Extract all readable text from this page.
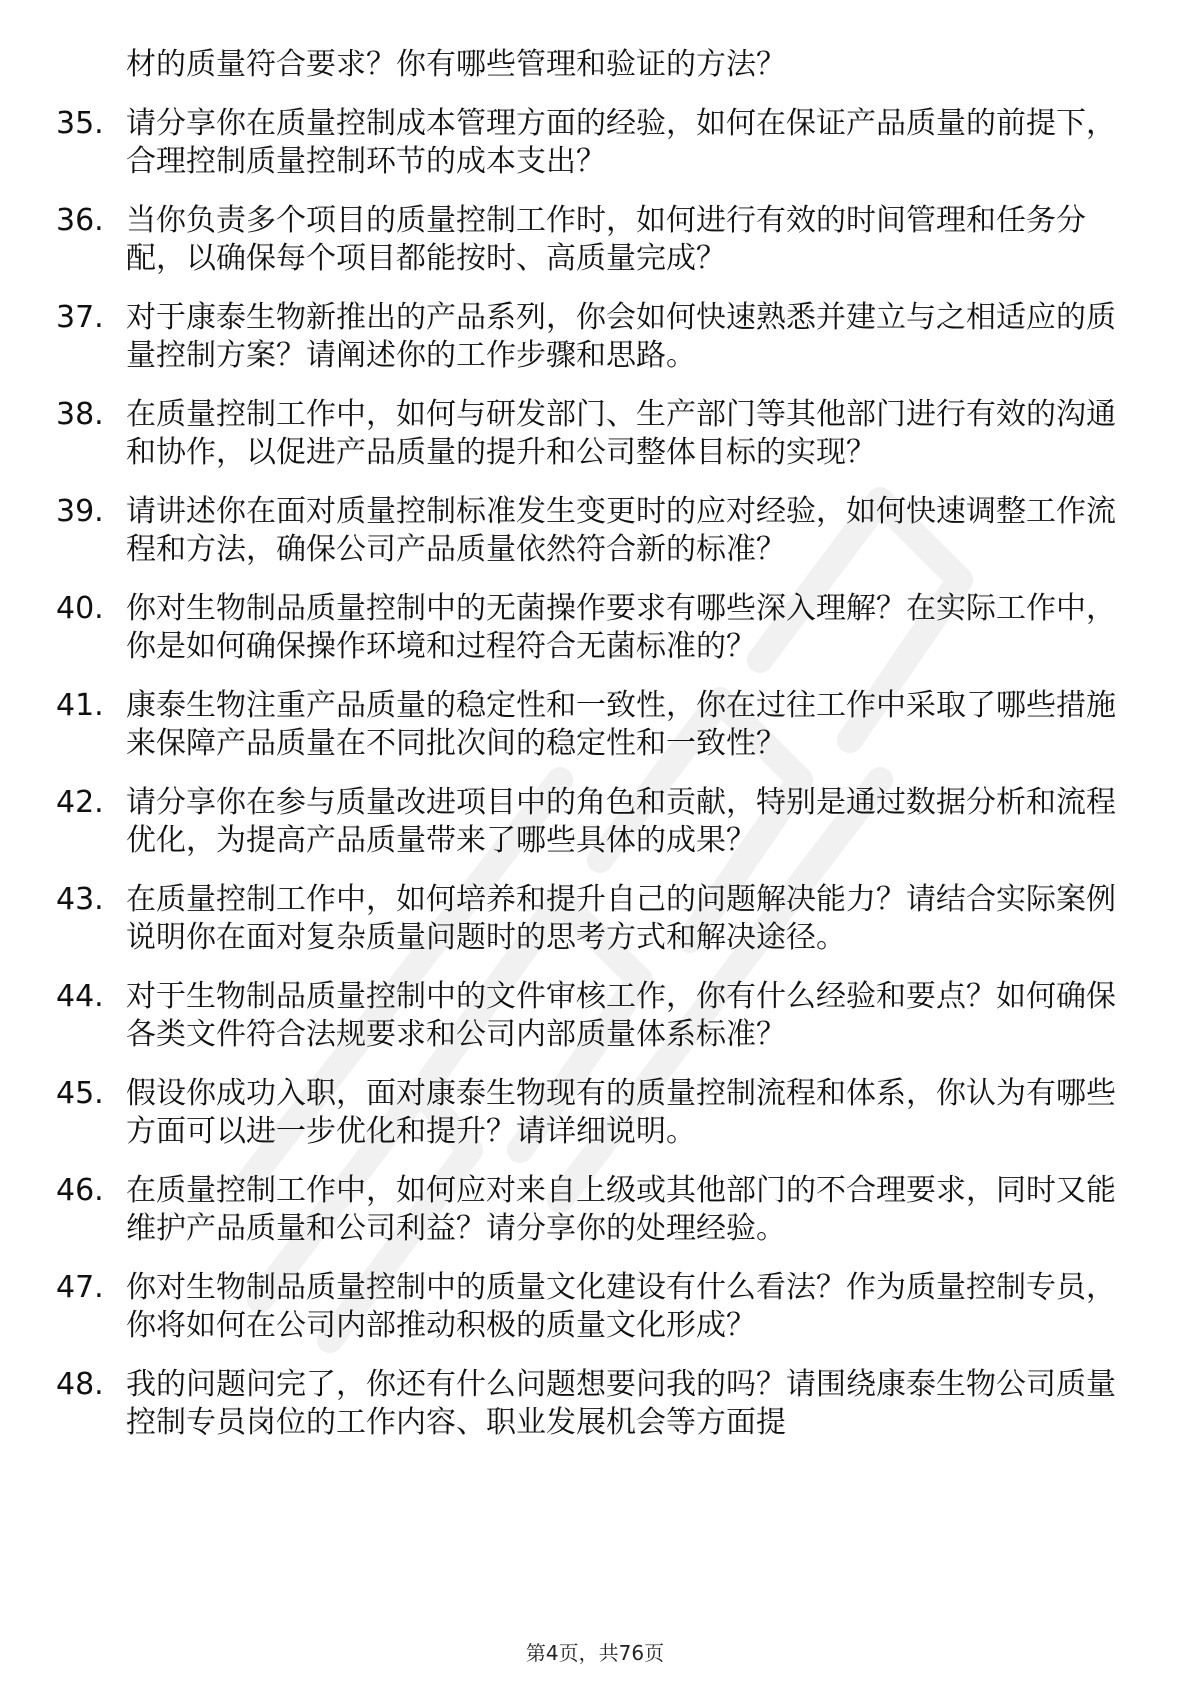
材的质量符合要求？你有哪些管理和验证的方法？
35. 请分享你在质量控制成本管理方面的经验，如何在保证产品质量的前提下，合理控制质量控制环节的成本支出？
36. 当你负责多个项目的质量控制工作时，如何进行有效的时间管理和任务分配，以确保每个项目都能按时、高质量完成？
37. 对于康泰生物新推出的产品系列，你会如何快速熟悉并建立与之相适应的质量控制方案？请阐述你的工作步骤和思路。
38. 在质量控制工作中，如何与研发部门、生产部门等其他部门进行有效的沟通和协作，以促进产品质量的提升和公司整体目标的实现？
39. 请讲述你在面对质量控制标准发生变更时的应对经验，如何快速调整工作流程和方法，确保公司产品质量依然符合新的标准？
40. 你对生物制品质量控制中的无菌操作要求有哪些深入理解？在实际工作中，你是如何确保操作环境和过程符合无菌标准的？
41. 康泰生物注重产品质量的稳定性和一致性，你在过往工作中采取了哪些措施来保障产品质量在不同批次间的稳定性和一致性？
42. 请分享你在参与质量改进项目中的角色和贡献，特别是通过数据分析和流程优化，为提高产品质量带来了哪些具体的成果？
43. 在质量控制工作中，如何培养和提升自己的问题解决能力？请结合实际案例说明你在面对复杂质量问题时的思考方式和解决途径。
44. 对于生物制品质量控制中的文件审核工作，你有什么经验和要点？如何确保各类文件符合法规要求和公司内部质量体系标准？
45. 假设你成功入职，面对康泰生物现有的质量控制流程和体系，你认为有哪些方面可以进一步优化和提升？请详细说明。
46. 在质量控制工作中，如何应对来自上级或其他部门的不合理要求，同时又能维护产品质量和公司利益？请分享你的处理经验。
47. 你对生物制品质量控制中的质量文化建设有什么看法？作为质量控制专员，你将如何在公司内部推动积极的质量文化形成？
48. 我的问题问完了，你还有什么问题想要问我的吗？请围绕康泰生物公司质量控制专员岗位的工作内容、职业发展机会等方面提
第4页，共76页
